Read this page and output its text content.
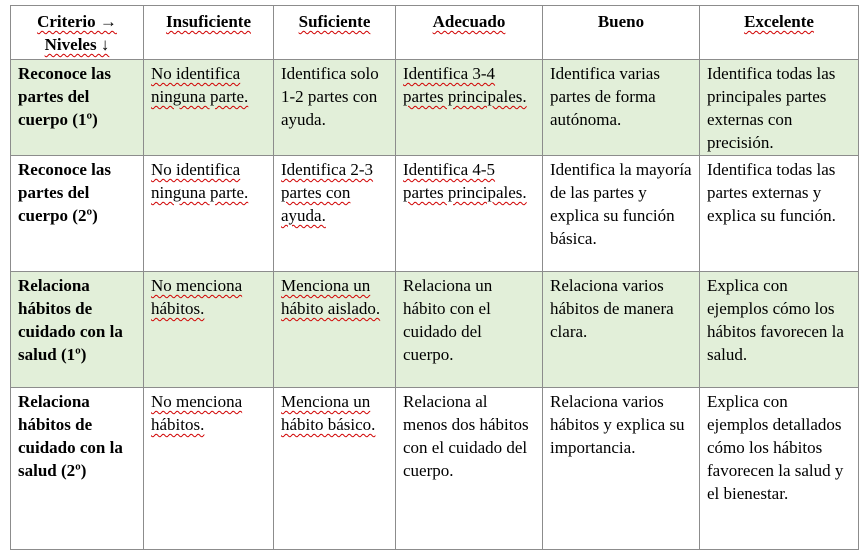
Criterio → Niveles ↓	Insuficiente	Suficiente	Adecuado	Bueno	Excelente
Reconoce las partes del cuerpo (1º)	No identifica ninguna parte.	Identifica solo 1-2 partes con ayuda.	Identifica 3-4 partes principales.	Identifica varias partes de forma autónoma.	Identifica todas las principales partes externas con precisión.
Reconoce las partes del cuerpo (2º)	No identifica ninguna parte.	Identifica 2-3 partes con ayuda.	Identifica 4-5 partes principales.	Identifica la mayoría de las partes y explica su función básica.	Identifica todas las partes externas y explica su función.
Relaciona hábitos de cuidado con la salud (1º)	No menciona hábitos.	Menciona un hábito aislado.	Relaciona un hábito con el cuidado del cuerpo.	Relaciona varios hábitos de manera clara.	Explica con ejemplos cómo los hábitos favorecen la salud.
Relaciona hábitos de cuidado con la salud (2º)	No menciona hábitos.	Menciona un hábito básico.	Relaciona al menos dos hábitos con el cuidado del cuerpo.	Relaciona varios hábitos y explica su importancia.	Explica con ejemplos detallados cómo los hábitos favorecen la salud y el bienestar.
